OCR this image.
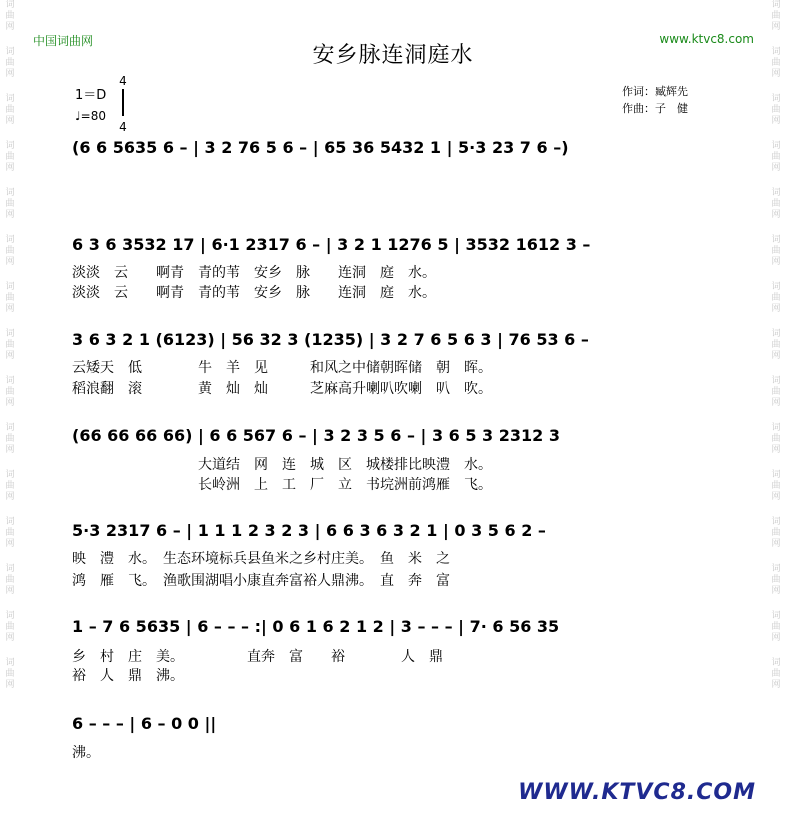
词
曲
网
词
曲
网
词
曲
网
词
曲
网
词
曲
网
词
曲
网
词
曲
网
词
曲
网
词
曲
网
词
曲
网
词
曲
网
词
曲
网
词
曲
网
词
曲
网
词
曲
网
词
曲
网
词
曲
网
词
曲
网
词
曲
网
词
曲
网
词
曲
网
词
曲
网
词
曲
网
词
曲
网
词
曲
网
词
曲
网
词
曲
网
词
曲
网
词
曲
网
词
曲
网
中国词曲网	www.ktvc8.com
安乡脉连洞庭水
1＝D
4
4
♩=80
作词：臧辉先
作曲：子　健
(6 6 5635 6 – | 3 2 76 5 6 – | 65 36 5432 1 | 5·3 23 7 6 –)
6 3 6 3532 17 | 6·1 2317 6 – | 3 2 1 1276 5 | 3532 1612 3 –
淡淡　云　　啊青　青的苇　安乡　脉　　连洞　庭　水。
淡淡　云　　啊青　青的苇　安乡　脉　　连洞　庭　水。
3 6 3 2 1 (6123) | 56 32 3 (1235) | 3 2 7 6 5 6 3 | 76 53 6 –
云矮天　低　　　　牛　羊　见　　　和风之中储朝晖储　朝　晖。
稻浪翻　滚　　　　黄　灿　灿　　　芝麻高升喇叭吹喇　叭　吹。
(66 66 66 66) | 6 6 567 6 – | 3 2 3 5 6 – | 3 6 5 3 2312 3
　　　　　　　　　大道结　网　连　城　区　城楼排比映澧　水。
　　　　　　　　　长岭洲　上　工　厂　立　书垸洲前鸿雁　飞。
5·3 2317 6 – | 1 1 1 2 3 2 3 | 6 6 3 6 3 2 1 | 0 3 5 6 2 –
映　澧　水。　生态环境标兵县鱼米之乡村庄美。　鱼　米　之
鸿　雁　飞。　渔歌围湖唱小康直奔富裕人鼎沸。　直　奔　富
1 – 7 6 5635 | 6 – – – :| 0 6 1 6 2 1 2 | 3 – – – | 7· 6 56 35
乡　村　庄　美。　　　　　直奔　富　　裕　　　　人　鼎
裕　人　鼎　沸。
6 – – – | 6 – 0 0 ||
沸。
WWW.KTVC8.COM
